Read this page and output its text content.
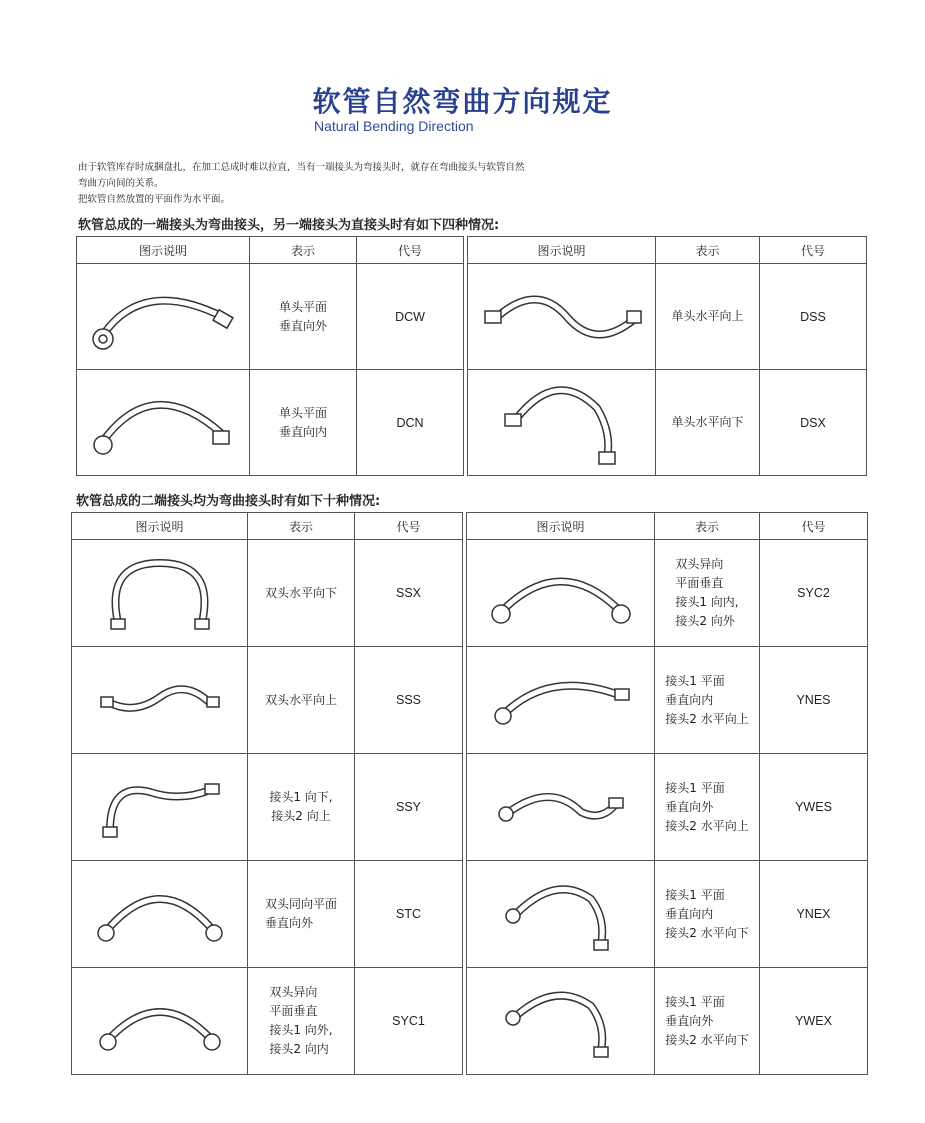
软管自然弯曲方向规定
Natural Bending Direction
由于软管库存时成捆盘扎，在加工总成时难以拉直，当有一端接头为弯接头时，就存在弯曲接头与软管自然
弯曲方向间的关系。
把软管自然放置的平面作为水平面。
软管总成的一端接头为弯曲接头，另一端接头为直接头时有如下四种情况:
图示说明	表示	代号		图示说明	表示	代号

	单头平面
垂直向外	DCW			单头水平向上	DSS

	单头平面
垂直向内	DCN			单头水平向下	DSX
软管总成的二端接头均为弯曲接头时有如下十种情况:
图示说明	表示	代号		图示说明	表示	代号

	双头水平向下	SSX			双头异向
平面垂直
接头1 向内,
接头2 向外	SYC2

	双头水平向上	SSS			接头1 平面
垂直向内
接头2 水平向上	YNES

	接头1 向下,
接头2 向上	SSY			接头1 平面
垂直向外
接头2 水平向上	YWES

	双头同向平面
垂直向外	STC			接头1 平面
垂直向内
接头2 水平向下	YNEX

	双头异向
平面垂直
接头1 向外,
接头2 向内	SYC1			接头1 平面
垂直向外
接头2 水平向下	YWEX
